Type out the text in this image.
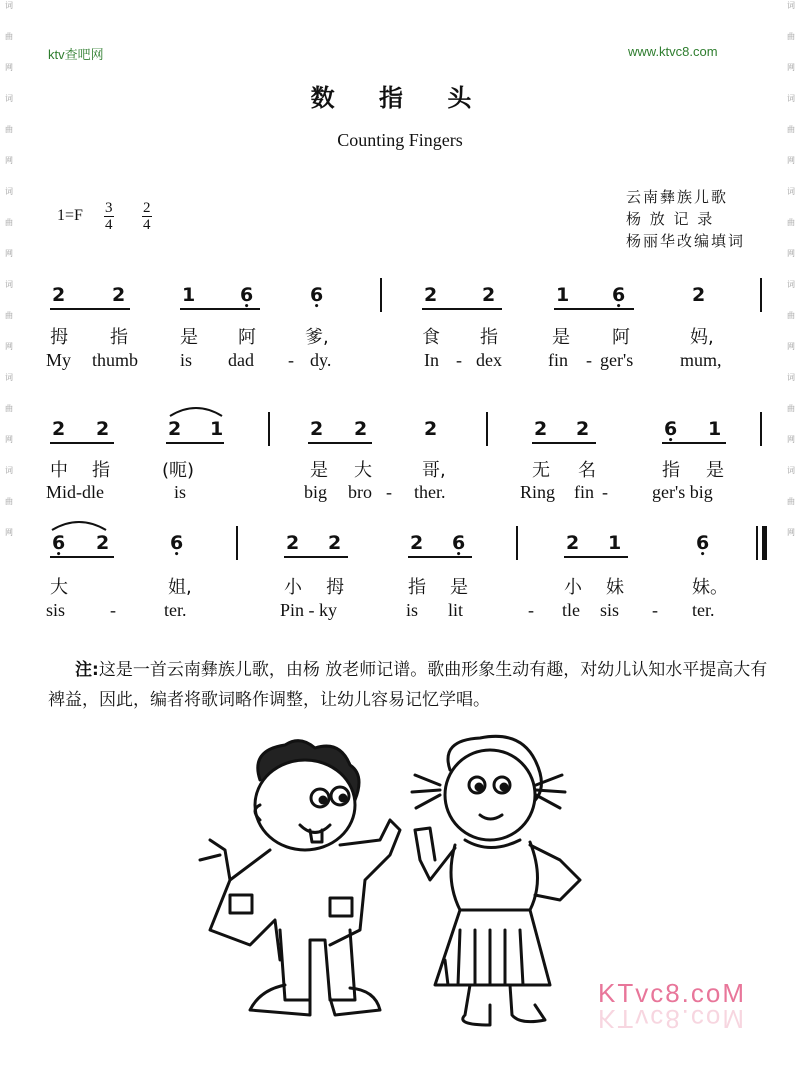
词
曲
网
词
曲
网
词
曲
网
词
曲
网
词
曲
网
词
曲
网
词
曲
网
词
曲
网
词
曲
网
词
曲
网
词
曲
网
词
曲
网
ktv查吧网	www.ktvc8.com
数 指 头
Counting Fingers
$1=F \frac{3}{4} \frac{2}{4}$
云南彝族儿歌
杨 放 记 录
杨丽华改编填词
2 2	1 6 •	6 •	2 2	1 6 •	2
拇 指	是 阿	爹,	食 指	是 阿	妈,
My thumb is dad - dy.	In - dex	fin - ger's	mum,
2 2	2 1	2 2	2	2 2	6 • 1
中 指	(呃)	是 大	哥,	无 名	指 是
Mid-dle	is	big bro - ther.	Ring fin - ger's big
6 • 2	6 •	2 2	2 6 •	2 1	6 •
大	姐,	小 拇	指 是	小 妹	妹。
sis -	ter.	Pin - ky	is lit	- tle sis - ter.
注:这是一首云南彝族儿歌，由杨 放老师记谱。歌曲形象生动有趣，对幼儿认知水平提高大有裨益，因此，编者将歌词略作调整，让幼儿容易记忆学唱。
KTvc8.coM
KTvc8.coM
